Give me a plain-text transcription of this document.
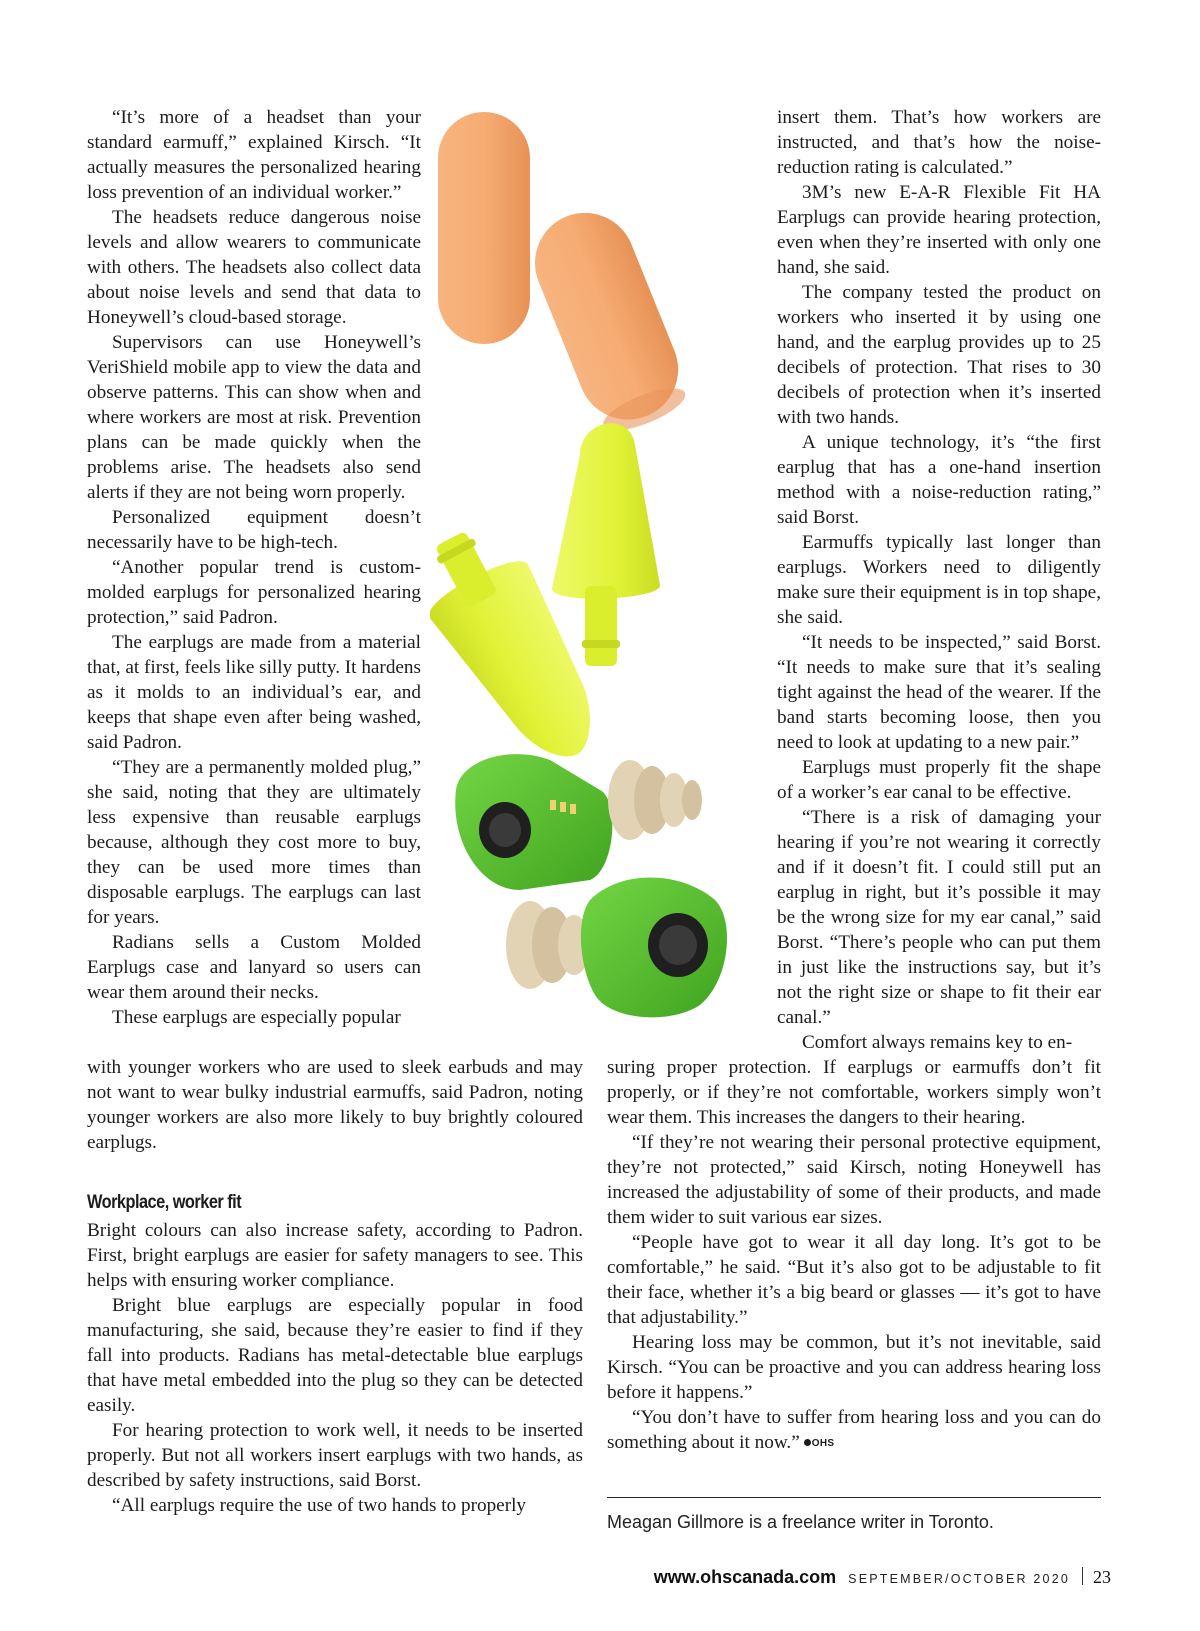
“It’s more of a headset than your standard earmuff,” explained Kirsch. “It actually measures the personalized hearing loss prevention of an individual worker.”

The headsets reduce dangerous noise levels and allow wearers to communicate with others. The headsets also collect data about noise levels and send that data to Honeywell’s cloud-based storage.

Supervisors can use Honeywell’s VeriShield mobile app to view the data and observe patterns. This can show when and where workers are most at risk. Prevention plans can be made quickly when the problems arise. The headsets also send alerts if they are not being worn properly.

Personalized equipment doesn’t necessarily have to be high-tech.

“Another popular trend is custom-molded earplugs for personalized hearing protection,” said Padron.

The earplugs are made from a material that, at first, feels like silly putty. It hardens as it molds to an individual’s ear, and keeps that shape even after being washed, said Padron.

“They are a permanently molded plug,” she said, noting that they are ultimately less expensive than reusable earplugs because, although they cost more to buy, they can be used more times than disposable earplugs. The earplugs can last for years.

Radians sells a Custom Molded Earplugs case and lanyard so users can wear them around their necks.

These earplugs are especially popular

insert them. That’s how workers are instructed, and that’s how the noise-reduction rating is calculated.”

3M’s new E-A-R Flexible Fit HA Earplugs can provide hearing protection, even when they’re inserted with only one hand, she said.

The company tested the product on workers who inserted it by using one hand, and the earplug provides up to 25 decibels of protection. That rises to 30 decibels of protection when it’s inserted with two hands.

A unique technology, it’s “the first earplug that has a one-hand insertion method with a noise-reduction rating,” said Borst.

Earmuffs typically last longer than earplugs. Workers need to diligently make sure their equipment is in top shape, she said.

“It needs to be inspected,” said Borst. “It needs to make sure that it’s sealing tight against the head of the wearer. If the band starts becoming loose, then you need to look at updating to a new pair.”

Earplugs must properly fit the shape of a worker’s ear canal to be effective.

“There is a risk of damaging your hearing if you’re not wearing it correctly and if it doesn’t fit. I could still put an earplug in right, but it’s possible it may be the wrong size for my ear canal,” said Borst. “There’s people who can put them in just like the instructions say, but it’s not the right size or shape to fit their ear canal.”

Comfort always remains key to en-

with younger workers who are used to sleek earbuds and may not want to wear bulky industrial earmuffs, said Padron, noting younger workers are also more likely to buy brightly coloured earplugs.

Workplace, worker fit

Bright colours can also increase safety, according to Padron. First, bright earplugs are easier for safety managers to see. This helps with ensuring worker compliance.

Bright blue earplugs are especially popular in food manufacturing, she said, because they’re easier to find if they fall into products. Radians has metal-detectable blue earplugs that have metal embedded into the plug so they can be detected easily.

For hearing protection to work well, it needs to be inserted properly. But not all workers insert earplugs with two hands, as described by safety instructions, said Borst.

“All earplugs require the use of two hands to properly

suring proper protection. If earplugs or earmuffs don’t fit properly, or if they’re not comfortable, workers simply won’t wear them. This increases the dangers to their hearing.

“If they’re not wearing their personal protective equipment, they’re not protected,” said Kirsch, noting Honeywell has increased the adjustability of some of their products, and made them wider to suit various ear sizes.

“People have got to wear it all day long. It’s got to be comfortable,” he said. “But it’s also got to be adjustable to fit their face, whether it’s a big beard or glasses — it’s got to have that adjustability.”

Hearing loss may be common, but it’s not inevitable, said Kirsch. “You can be proactive and you can address hearing loss before it happens.”

“You don’t have to suffer from hearing loss and you can do something about it now.” OHS

Meagan Gillmore is a freelance writer in Toronto.
www.ohscanada.com SEPTEMBER/OCTOBER 2020 23
